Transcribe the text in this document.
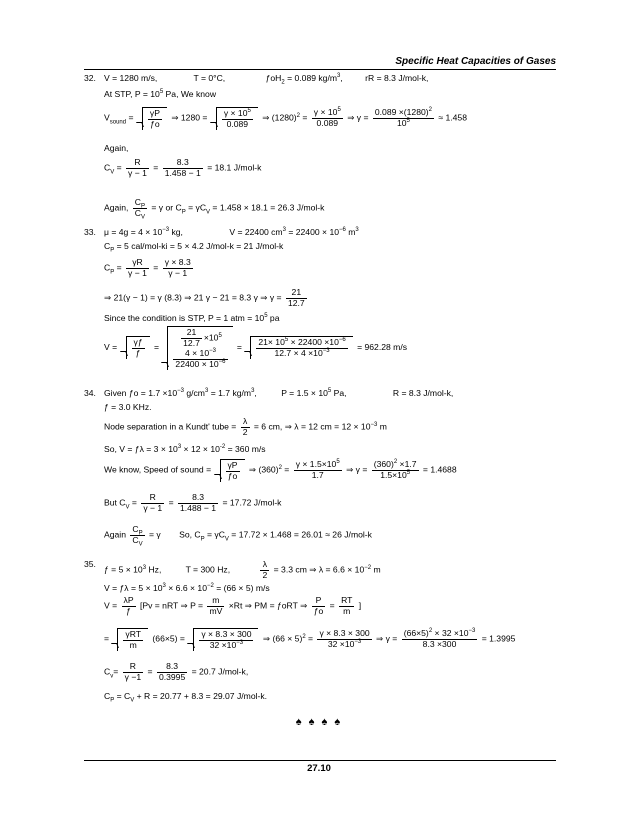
Specific Heat Capacities of Gases
32. V = 1280 m/s,	T = 0°C,	ƒoH$_2$ = 0.089 $kg/m^3$,	rR = 8.3 J/mol-k,
At STP, $P = 10^5$ Pa, We know
$V_{sound} = \frac{\gamma P}{ƒo}$ ⇒ $1280 = \frac{\gamma \times 10^5}{0.089}$ ⇒ $(1280)^2 = \frac{\gamma \times 10^5}{0.089}$ ⇒ $\gamma = \frac{0.089 \times(1280)^2}{10^5} \approx 1.458$
Again,
$C_V = \frac{R}{\gamma - 1} = \frac{8.3}{1.458 - 1} = 18.1$ J/mol-k
Again, $\frac{C_P}{C_V} = \gamma$ or $C_P = \gamma C_V = 1.458 \times 18.1 = 26.3$ J/mol-k
33. $\mu = 4g = 4 \times 10^{-3}$ kg,	V = 22400 $cm^3 = 22400 \times 10^{-6}$ $m^3$
$C_P = 5$ cal/mol-ki = 5 × 4.2 J/mol-k = 21 J/mol-k
$C_P = \frac{\gamma R}{\gamma - 1} = \frac{\gamma \times 8.3}{\gamma - 1}$
⇒ 21(γ − 1) = γ (8.3) ⇒ 21 γ − 21 = 8.3 γ ⇒ $\gamma = \frac{21}{12.7}$
Since the condition is STP, P = 1 atm = $10^5$ pa
$V = \frac{\gamma ƒ}{ƒ}$ =	$\frac{21}{12.7} \times 10^5$
$4 \times 10^{-3}$
$22400 \times 10^{-6}$
= $\frac{21\times 10^5 \times 22400 \times 10^{-6}}{12.7 \times 4 \times 10^{-3}} = 962.28$ m/s
34. Given ƒo = $1.7 \times 10^{-3}$ $g/cm^3 = 1.7$ $kg/m^3$,	$P = 1.5 \times 10^5$ Pa,	R = 8.3 J/mol-k,
ƒ = 3.0 KHz.
Node separation in a Kundt' tube = $\frac{\lambda}{2} = 6$ cm, ⇒ λ = 12 cm = $12 \times 10^{-3}$ m
So, V = ƒλ = $3 \times 10^3 \times 12 \times 10^{-2} = 360$ m/s
We know, Speed of sound = $\frac{\gamma P}{ƒo}$ ⇒ $(360)^2 = \frac{\gamma \times 1.5\times 10^5}{1.7}$ ⇒ $\gamma = \frac{(360)^2 \times 1.7}{1.5\times 10^5} = 1.4688$
But $C_V = \frac{R}{\gamma - 1} = \frac{8.3}{1.488 - 1} = 17.72$ J/mol-k
Again $\frac{C_P}{C_V} = \gamma$ So, $C_P = \gamma C_V = 17.72 \times 1.468 = 26.01 \approx 26$ J/mol-k
35.
ƒ = $5 \times 10^3$ Hz,	T = 300 Hz,	$\frac{\lambda}{2} = 3.3$ cm ⇒ $\lambda = 6.6 \times 10^{-2}$ m
V = ƒλ = $5 \times 10^3 \times 6.6 \times 10^{-2} = (66 \times 5)$ m/s
$V = \frac{\lambda P}{ƒ} [Pv$ = nRT ⇒ $P = \frac{m}{mV} \times Rt$ ⇒ PM = ƒoRT ⇒ $\frac{P}{ƒo} = \frac{RT}{m}$ ]
= γRT
m
$(66\times 5) = \frac{\gamma \times 8.3 \times 300}{32 \times 10^{-3}}$ ⇒ $(66 \times 5)^2 = \frac{\gamma \times 8.3 \times 300}{32 \times 10^{-3}}$ ⇒ $\gamma = \frac{(66\times 5)^2 \times 32 \times 10^{-3}}{8.3 \times 300} = 1.3995$
$C_v= \frac{R}{\gamma -1} = \frac{8.3}{0.3995} = 20.7$ J/mol-k,
$C_P = C_V + R = 20.77 + 8.3 = 29.07$ J/mol-k.
♠ ♠ ♠ ♠
27.10
